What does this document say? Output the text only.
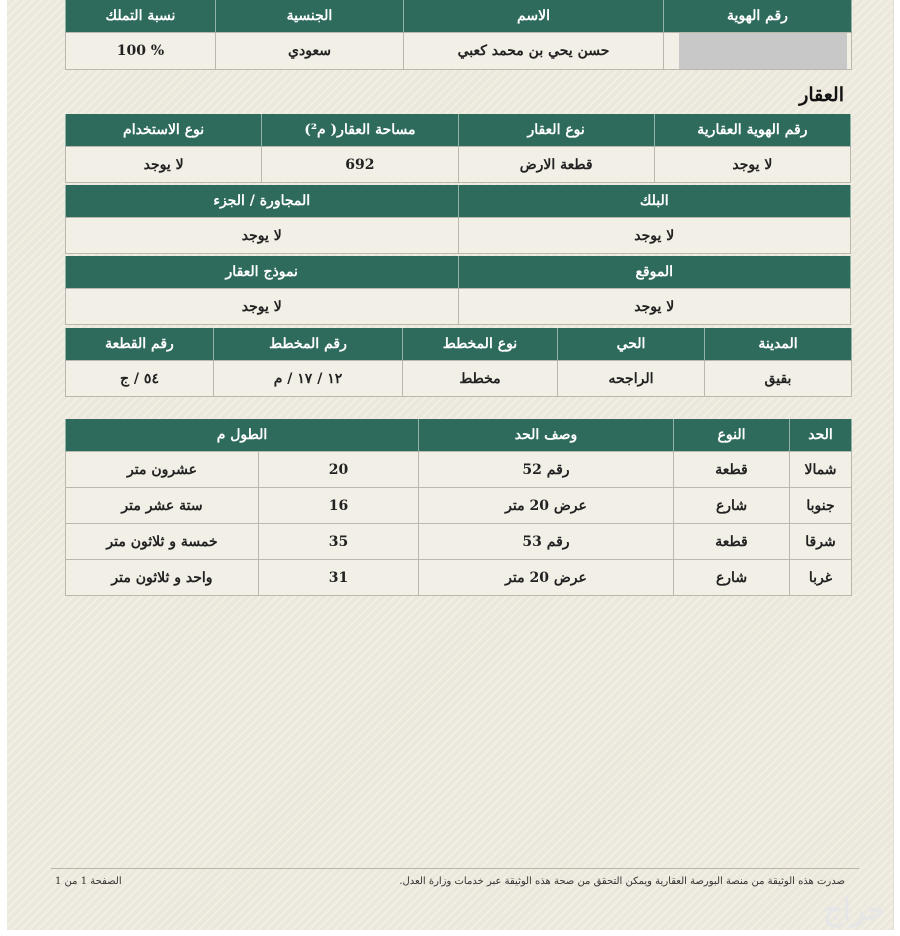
رقم الهوية	الاسم	الجنسية	نسبة التملك
	حسن يحي بن محمد كعبي	سعودي	100 %
العقار
رقم الهوية العقارية	نوع العقار	مساحة العقار( م²)	نوع الاستخدام
لا يوجد	قطعة الارض	692	لا يوجد
البلك	المجاورة / الجزء
لا يوجد	لا يوجد
الموقع	نموذج العقار
لا يوجد	لا يوجد
المدينة	الحي	نوع المخطط	رقم المخطط	رقم القطعة
بقيق	الراجحه	مخطط	١٢ / ١٧ / م	٥٤ / ج
الحد	النوع	وصف الحد	الطول م	
شمالا	قطعة	رقم 52	20	عشرون متر
جنوبا	شارع	عرض 20 متر	16	ستة عشر متر
شرقا	قطعة	رقم 53	35	خمسة و ثلاثون متر
غربا	شارع	عرض 20 متر	31	واحد و ثلاثون متر
صدرت هذه الوثيقة من منصة البورصة العقارية ويمكن التحقق من صحة هذه الوثيقة عبر خدمات وزارة العدل.
الصفحة 1 من 1
حراج
